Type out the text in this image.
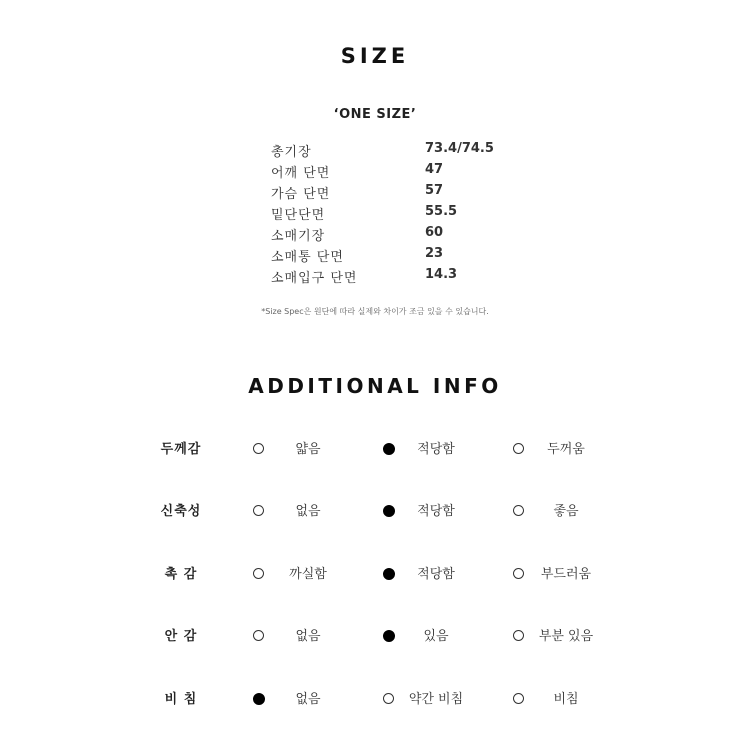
SIZE
‘ONE SIZE’
총기장	73.4/74.5
어깨 단면	47
가슴 단면	57
밑단단면	55.5
소매기장	60
소매통 단면	23
소매입구 단면	14.3
*Size Spec은 원단에 따라 실제와 차이가 조금 있을 수 있습니다.
ADDITIONAL INFO
두께감	얇음	적당함	두꺼움
신축성	없음	적당함	좋음
촉 감	까실함	적당함	부드러움
안 감	없음	있음	부분 있음
비 침	없음	약간 비침	비침
